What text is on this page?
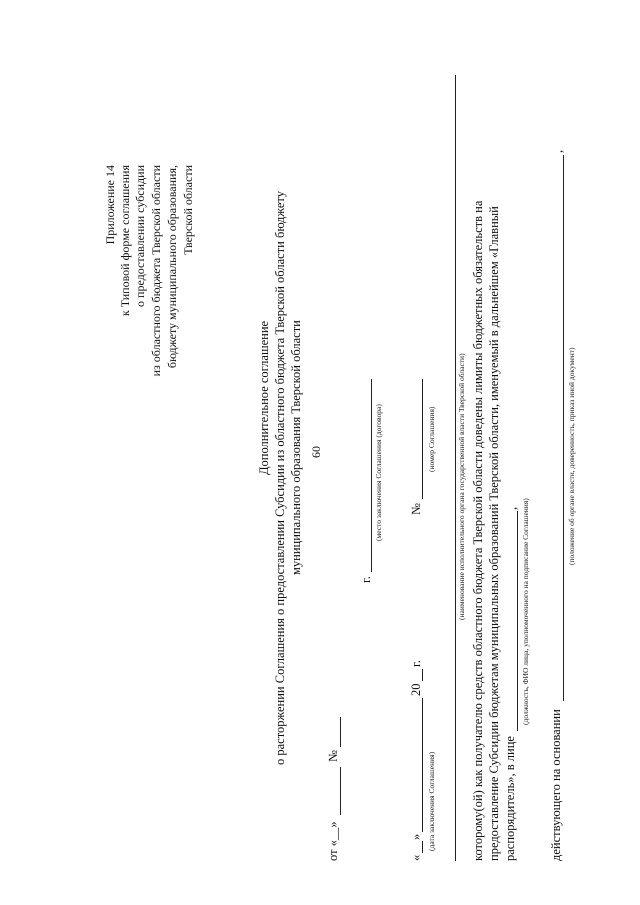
60
Приложение 14 к Типовой форме соглашения о предоставлении субсидии из областного бюджета Тверской области бюджету муниципального образования, Тверской области
Дополнительное соглашение о расторжении Соглашения о предоставлении Субсидии из областного бюджета Тверской области бюджету муниципального образования Тверской области
от «__»
№
г.
(место заключения Соглашения (договора)
«
»
20
г.
(дата заключения Соглашения)
№
(номер Соглашения)	(наименование исполнительного органа государственной власти Тверской области) которому(ой) как получателю средств областного бюджета Тверской области доведены лимиты бюджетных обязательств на предоставление Субсидии бюджетам муниципальных образований Тверской области, именуемый в дальнейшем «Главный распорядитель», в лице
, (должность, ФИО лица, уполномоченного на подписание Соглашения)
действующего на основании
,
(положение об органе власти, доверенность, приказ иной документ)
